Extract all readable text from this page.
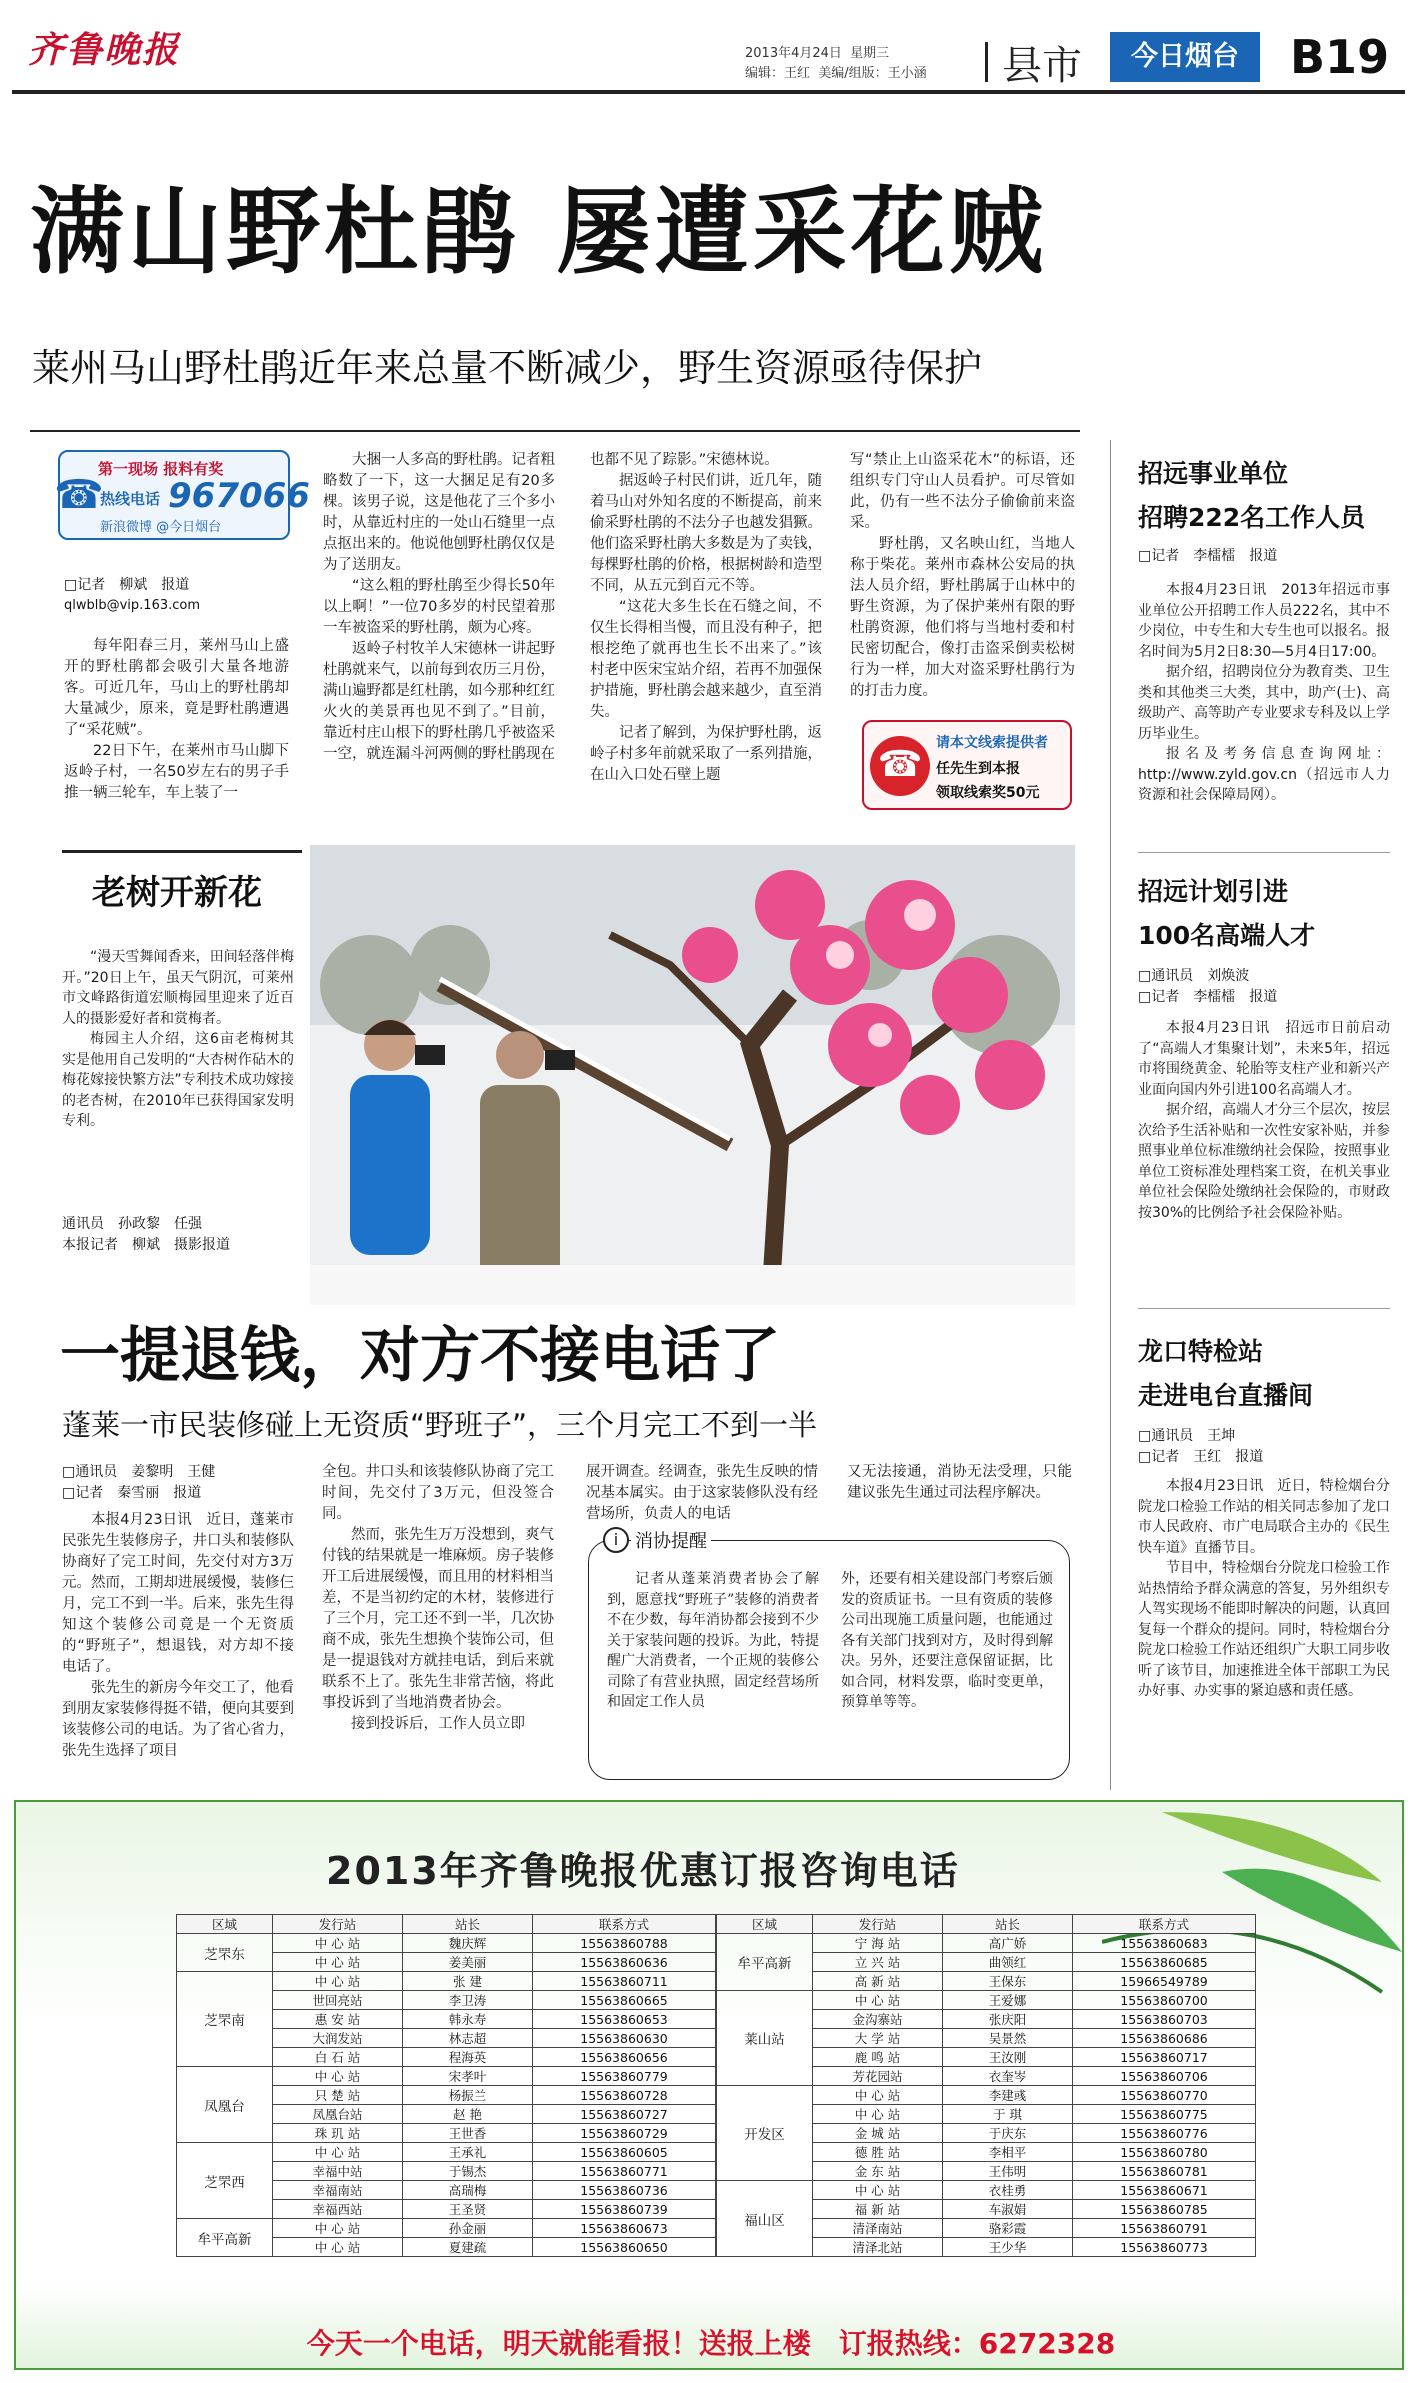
齐鲁晚报	2013年4月24日  星期三
编辑：王红  美编/组版：王小涵 县市	今日烟台	B19
满山野杜鹃 屡遭采花贼
莱州马山野杜鹃近年来总量不断减少，野生资源亟待保护
☎
第一现场 报料有奖
热线电话 967066
新浪微博 @今日烟台
□记者　柳斌　报道
qlwblb@vip.163.com

每年阳春三月，莱州马山上盛开的野杜鹃都会吸引大量各地游客。可近几年，马山上的野杜鹃却大量减少，原来，竟是野杜鹃遭遇了“采花贼”。

22日下午，在莱州市马山脚下返岭子村，一名50岁左右的男子手推一辆三轮车，车上装了一

大捆一人多高的野杜鹃。记者粗略数了一下，这一大捆足足有20多棵。该男子说，这是他花了三个多小时，从靠近村庄的一处山石缝里一点点抠出来的。他说他刨野杜鹃仅仅是为了送朋友。

“这么粗的野杜鹃至少得长50年以上啊！”一位70多岁的村民望着那一车被盗采的野杜鹃，颇为心疼。

返岭子村牧羊人宋德林一讲起野杜鹃就来气，以前每到农历三月份，满山遍野都是红杜鹃，如今那种红红火火的美景再也见不到了。”目前，靠近村庄山根下的野杜鹃几乎被盗采一空，就连漏斗河两侧的野杜鹃现在

也都不见了踪影。”宋德林说。

据返岭子村民们讲，近几年，随着马山对外知名度的不断提高，前来偷采野杜鹃的不法分子也越发猖獗。他们盗采野杜鹃大多数是为了卖钱，每棵野杜鹃的价格，根据树龄和造型不同，从五元到百元不等。

“这花大多生长在石缝之间，不仅生长得相当慢，而且没有种子，把根挖绝了就再也生长不出来了。”该村老中医宋宝站介绍，若再不加强保护措施，野杜鹃会越来越少，直至消失。

记者了解到，为保护野杜鹃，返岭子村多年前就采取了一系列措施，在山入口处石壁上题

写“禁止上山盗采花木”的标语，还组织专门守山人员看护。可尽管如此，仍有一些不法分子偷偷前来盗采。

野杜鹃，又名映山红，当地人称于柴花。莱州市森林公安局的执法人员介绍，野杜鹃属于山林中的野生资源，为了保护莱州有限的野杜鹃资源，他们将与当地村委和村民密切配合，像打击盗采倒卖松树行为一样，加大对盗采野杜鹃行为的打击力度。

☎
请本文线索提供者
任先生到本报
领取线索奖50元
老树开新花

“漫天雪舞闻香来，田间轻落伴梅开。”20日上午，虽天气阴沉，可莱州市文峰路街道宏顺梅园里迎来了近百人的摄影爱好者和赏梅者。

梅园主人介绍，这6亩老梅树其实是他用自己发明的“大杏树作砧木的梅花嫁接快繁方法”专利技术成功嫁接的老杏树，在2010年已获得国家发明专利。

通讯员　孙政黎　任强
本报记者　柳斌　摄影报道
一提退钱，对方不接电话了
蓬莱一市民装修碰上无资质“野班子”，三个月完工不到一半
□通讯员　姜黎明　王健
□记者　秦雪丽　报道

本报4月23日讯　近日，蓬莱市民张先生装修房子，井口头和装修队协商好了完工时间，先交付对方3万元。然而，工期却进展缓慢，装修仨月，完工不到一半。后来，张先生得知这个装修公司竟是一个无资质的“野班子”，想退钱，对方却不接电话了。

张先生的新房今年交工了，他看到朋友家装修得挺不错，便向其要到该装修公司的电话。为了省心省力，张先生选择了项目

全包。井口头和该装修队协商了完工时间，先交付了3万元，但没签合同。

然而，张先生万万没想到，爽气付钱的结果就是一堆麻烦。房子装修开工后进展缓慢，而且用的材料相当差，不是当初约定的木材，装修进行了三个月，完工还不到一半，几次协商不成，张先生想换个装饰公司，但是一提退钱对方就挂电话，到后来就联系不上了。张先生非常苦恼，将此事投诉到了当地消费者协会。

接到投诉后，工作人员立即

展开调查。经调查，张先生反映的情况基本属实。由于这家装修队没有经营场所，负责人的电话

又无法接通，消协无法受理，只能建议张先生通过司法程序解决。

i 消协提醒

记者从蓬莱消费者协会了解到，愿意找“野班子”装修的消费者不在少数，每年消协都会接到不少关于家装问题的投诉。为此，特提醒广大消费者，一个正规的装修公司除了有营业执照，固定经营场所和固定工作人员

外，还要有相关建设部门考察后颁发的资质证书。一旦有资质的装修公司出现施工质量问题，也能通过各有关部门找到对方，及时得到解决。另外，还要注意保留证据，比如合同，材料发票，临时变更单，预算单等等。

招远事业单位
招聘222名工作人员
□记者　李檑檑　报道

本报4月23日讯　2013年招远市事业单位公开招聘工作人员222名，其中不少岗位，中专生和大专生也可以报名。报名时间为5月2日8:30—5月4日17:00。

据介绍，招聘岗位分为教育类、卫生类和其他类三大类，其中，助产(士)、高级助产、高等助产专业要求专科及以上学历毕业生。

报名及考务信息查询网址：http://www.zyld.gov.cn（招远市人力资源和社会保障局网）。

招远计划引进
100名高端人才
□通讯员　刘焕波
□记者　李檑檑　报道

本报4月23日讯　招远市日前启动了“高端人才集聚计划”，未来5年，招远市将围绕黄金、轮胎等支柱产业和新兴产业面向国内外引进100名高端人才。

据介绍，高端人才分三个层次，按层次给予生活补贴和一次性安家补贴，并参照事业单位标准缴纳社会保险，按照事业单位工资标准处理档案工资，在机关事业单位社会保险处缴纳社会保险的，市财政按30%的比例给予社会保险补贴。

龙口特检站
走进电台直播间
□通讯员　王坤
□记者　王红　报道

本报4月23日讯　近日，特检烟台分院龙口检验工作站的相关同志参加了龙口市人民政府、市广电局联合主办的《民生快车道》直播节目。

节目中，特检烟台分院龙口检验工作站热情给予群众满意的答复，另外组织专人驾实现场不能即时解决的问题，认真回复每一个群众的提问。同时，特检烟台分院龙口检验工作站还组织广大职工同步收听了该节目，加速推进全体干部职工为民办好事、办实事的紧迫感和责任感。

2013年齐鲁晚报优惠订报咨询电话
区域	发行站	站长	联系方式
芝罘东	中 心 站	魏庆辉	15563860788
	中 心 站	姜美丽	15563860636
芝罘南	中 心 站	张 建	15563860711
	世回亮站	李卫涛	15563860665
	惠 安 站	韩永寿	15563860653
	大润发站	林志超	15563860630
	白 石 站	程海英	15563860656
凤凰台	中 心 站	宋孝叶	15563860779
	只 楚 站	杨振兰	15563860728
	凤凰台站	赵 艳	15563860727
	珠 玑 站	王世香	15563860729
芝罘西	中 心 站	王承礼	15563860605
	幸福中站	于锡杰	15563860771
	幸福南站	高瑞梅	15563860736
	幸福西站	王圣贤	15563860739
牟平高新	中 心 站	孙金丽	15563860673
	中 心 站	夏建疏	15563860650
区域	发行站	站长	联系方式
牟平高新	宁 海 站	高广娇	15563860683
	立 兴 站	曲领红	15563860685
	高 新 站	王保东	15966549789
莱山站	中 心 站	王爱娜	15563860700
	金沟寨站	张庆阳	15563860703
	大 学 站	吴景然	15563860686
	鹿 鸣 站	王汝刚	15563860717
	芳花园站	衣奎岑	15563860706
开发区	中 心 站	李建彧	15563860770
	中 心 站	于 琪	15563860775
	金 城 站	于庆东	15563860776
	德 胜 站	李相平	15563860780
	金 东 站	王伟明	15563860781
福山区	中 心 站	衣桂勇	15563860671
	福 新 站	车淑娟	15563860785
	清泽南站	骆彩霞	15563860791
	清泽北站	王少华	15563860773
今天一个电话，明天就能看报！送报上楼　订报热线：6272328
